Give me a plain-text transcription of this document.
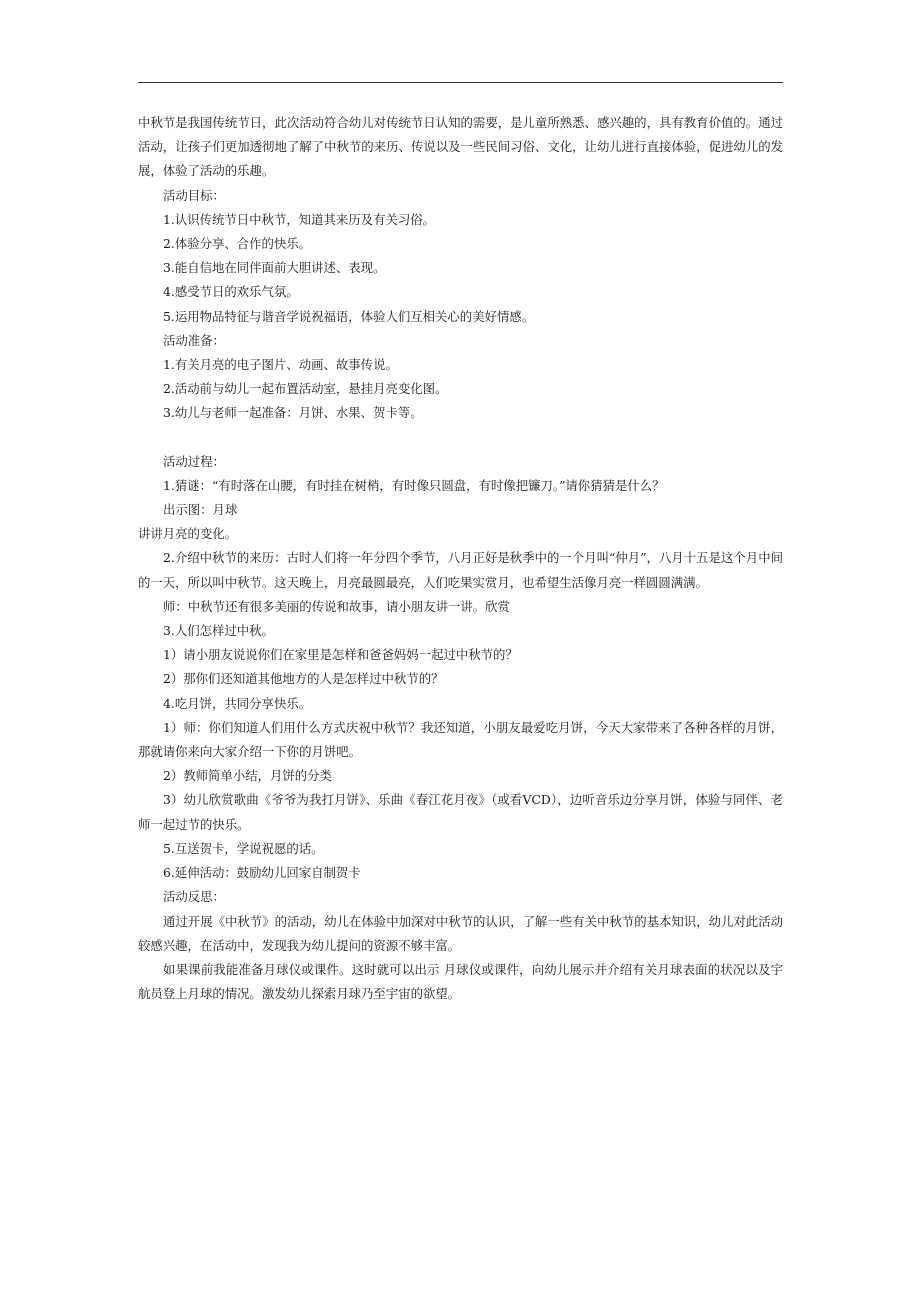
中秋节是我国传统节日，此次活动符合幼儿对传统节日认知的需要，是儿童所熟悉、感兴趣的，具有教育价值的。通过活动，让孩子们更加透彻地了解了中秋节的来历、传说以及一些民间习俗、文化，让幼儿进行直接体验，促进幼儿的发展，体验了活动的乐趣。

活动目标：

1.认识传统节日中秋节，知道其来历及有关习俗。

2.体验分享、合作的快乐。

3.能自信地在同伴面前大胆讲述、表现。

4.感受节日的欢乐气氛。

5.运用物品特征与谐音学说祝福语，体验人们互相关心的美好情感。

活动准备：

1.有关月亮的电子图片、动画、故事传说。

2.活动前与幼儿一起布置活动室，悬挂月亮变化图。

3.幼儿与老师一起准备：月饼、水果、贺卡等。

活动过程：

1.猜谜：“有时落在山腰，有时挂在树梢，有时像只圆盘，有时像把镰刀。”请你猜猜是什么？

出示图：月球

讲讲月亮的变化。

2.介绍中秋节的来历：古时人们将一年分四个季节，八月正好是秋季中的一个月叫“仲月”，八月十五是这个月中间的一天，所以叫中秋节。这天晚上，月亮最圆最亮，人们吃果实赏月，也希望生活像月亮一样圆圆满满。

师：中秋节还有很多美丽的传说和故事，请小朋友讲一讲。欣赏

3.人们怎样过中秋。

1）请小朋友说说你们在家里是怎样和爸爸妈妈一起过中秋节的？

2）那你们还知道其他地方的人是怎样过中秋节的？

4.吃月饼，共同分享快乐。

1）师：你们知道人们用什么方式庆祝中秋节？我还知道，小朋友最爱吃月饼，今天大家带来了各种各样的月饼，那就请你来向大家介绍一下你的月饼吧。

2）教师简单小结，月饼的分类

3）幼儿欣赏歌曲《爷爷为我打月饼》、乐曲《春江花月夜》（或看VCD），边听音乐边分享月饼，体验与同伴、老师一起过节的快乐。

5.互送贺卡，学说祝愿的话。

6.延伸活动：鼓励幼儿回家自制贺卡

活动反思：

通过开展《中秋节》的活动，幼儿在体验中加深对中秋节的认识，了解一些有关中秋节的基本知识，幼儿对此活动较感兴趣，在活动中，发现我为幼儿提问的资源不够丰富。

如果课前我能准备月球仪或课件。这时就可以出示 月球仪或课件，向幼儿展示并介绍有关月球表面的状况以及宇航员登上月球的情况。激发幼儿探索月球乃至宇宙的欲望。
